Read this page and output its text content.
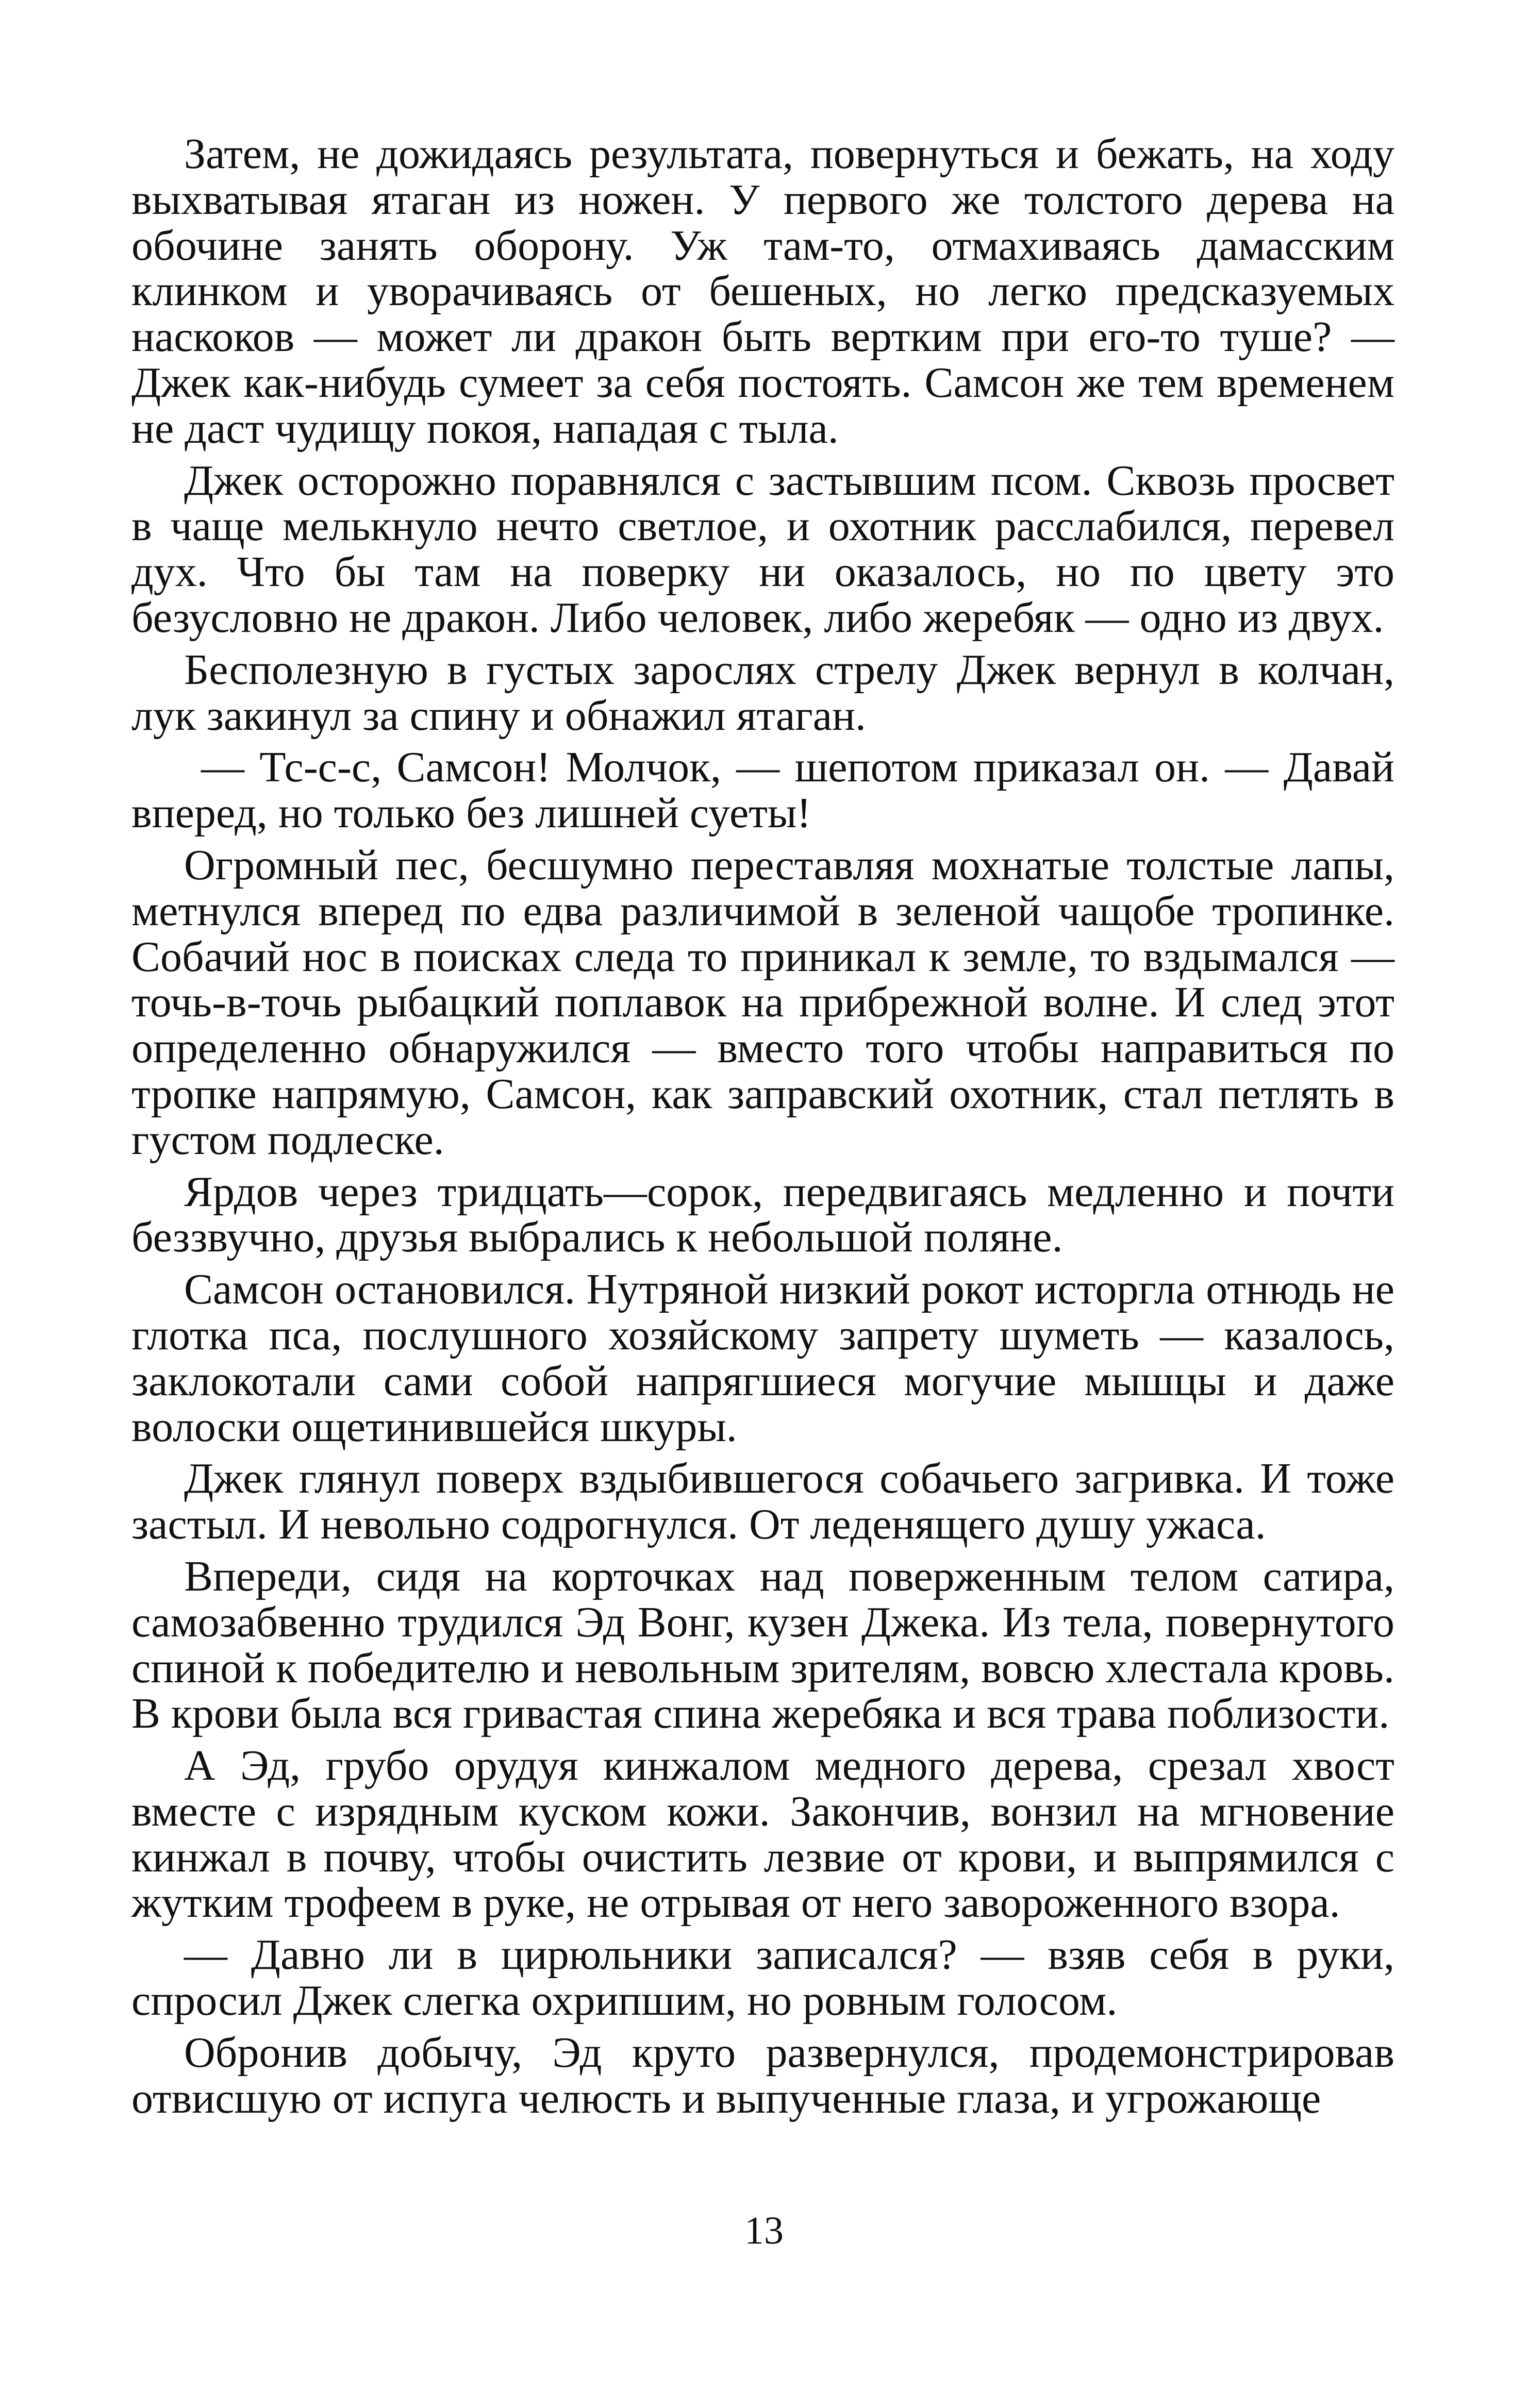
Затем, не дожидаясь результата, повернуться и бежать, на ходу выхватывая ятаган из ножен. У первого же толстого дерева на обочине занять оборону. Уж там-то, отмахиваясь дамасским клинком и уворачиваясь от бешеных, но легко предсказуемых наскоков — может ли дракон быть вертким при его-то туше? — Джек как-нибудь сумеет за себя постоять. Самсон же тем временем не даст чудищу покоя, нападая с тыла.

Джек осторожно поравнялся с застывшим псом. Сквозь просвет в чаще мелькнуло нечто светлое, и охотник расслабился, перевел дух. Что бы там на поверку ни оказалось, но по цвету это безусловно не дракон. Либо человек, либо жеребяк — одно из двух.

Бесполезную в густых зарослях стрелу Джек вернул в колчан, лук закинул за спину и обнажил ятаган.

— Тс-с-с, Самсон! Молчок, — шепотом приказал он. — Давай вперед, но только без лишней суеты!

Огромный пес, бесшумно переставляя мохнатые толстые лапы, метнулся вперед по едва различимой в зеленой чащобе тропинке. Собачий нос в поисках следа то приникал к земле, то вздымался — точь-в-точь рыбацкий поплавок на прибрежной волне. И след этот определенно обнаружился — вместо того чтобы направиться по тропке напрямую, Самсон, как заправский охотник, стал петлять в густом подлеске.

Ярдов через тридцать—сорок, передвигаясь медленно и почти беззвучно, друзья выбрались к небольшой поляне.

Самсон остановился. Нутряной низкий рокот исторгла отнюдь не глотка пса, послушного хозяйскому запрету шуметь — казалось, заклокотали сами собой напрягшиеся могучие мышцы и даже волоски ощетинившейся шкуры.

Джек глянул поверх вздыбившегося собачьего загривка. И тоже застыл. И невольно содрогнулся. От леденящего душу ужаса.

Впереди, сидя на корточках над поверженным телом сатира, самозабвенно трудился Эд Вонг, кузен Джека. Из тела, повернутого спиной к победителю и невольным зрителям, вовсю хлестала кровь. В крови была вся гривастая спина жеребяка и вся трава поблизости.

А Эд, грубо орудуя кинжалом медного дерева, срезал хвост вместе с изрядным куском кожи. Закончив, вонзил на мгновение кинжал в почву, чтобы очистить лезвие от крови, и выпрямился с жутким трофеем в руке, не отрывая от него завороженного взора.

— Давно ли в цирюльники записался? — взяв себя в руки, спросил Джек слегка охрипшим, но ровным голосом.

Обронив добычу, Эд круто развернулся, продемонстрировав отвисшую от испуга челюсть и выпученные глаза, и угрожающе

13
